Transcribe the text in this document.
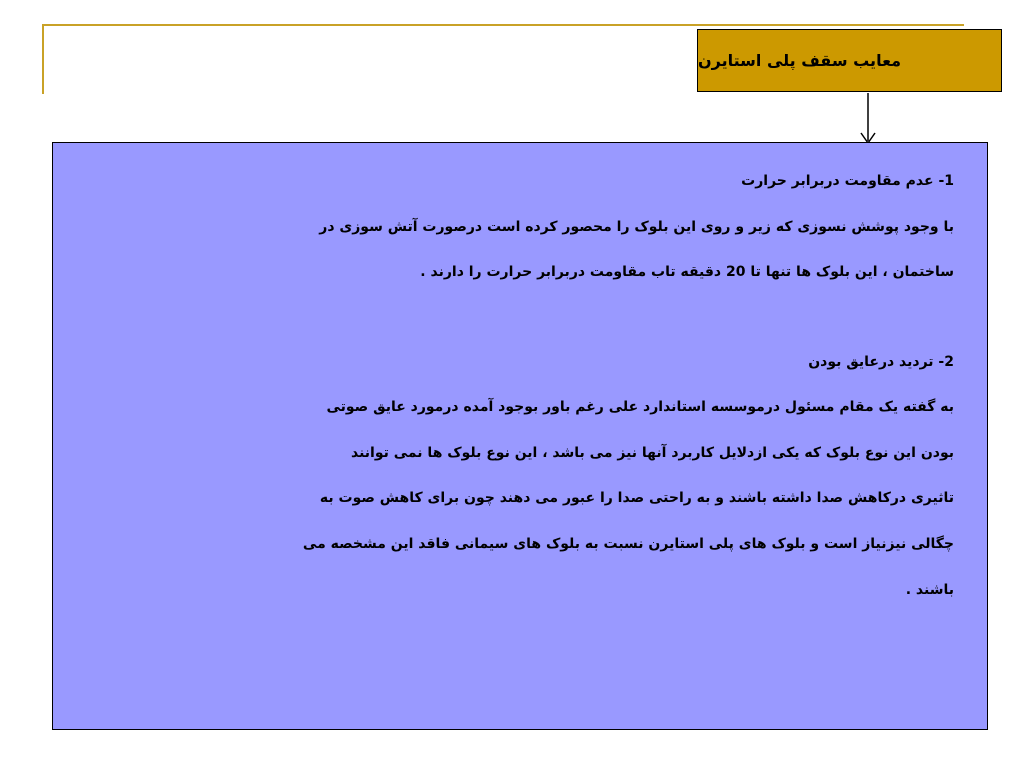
معایب سقف پلی استایرن
1- عدم مقاومت دربرابر حرارت
با وجود پوشش نسوزی که زیر و روی این بلوک را محصور کرده است درصورت آتش سوزی در
ساختمان ، این بلوک ها تنها تا 20 دقیقه تاب مقاومت دربرابر حرارت را دارند .
2- تردید درعایق بودن
به گفته یک مقام مسئول درموسسه استاندارد علی رغم باور بوجود آمده درمورد عایق صوتی
بودن این نوع بلوک که یکی ازدلایل کاربرد آنها نیز می باشد ، این نوع بلوک ها نمی توانند
تاثیری درکاهش صدا داشته باشند و به راحتی صدا را عبور می دهند چون برای کاهش صوت به
چگالی نیزنیاز است و بلوک های پلی استایرن نسبت به بلوک های سیمانی فاقد این مشخصه می
باشند .
